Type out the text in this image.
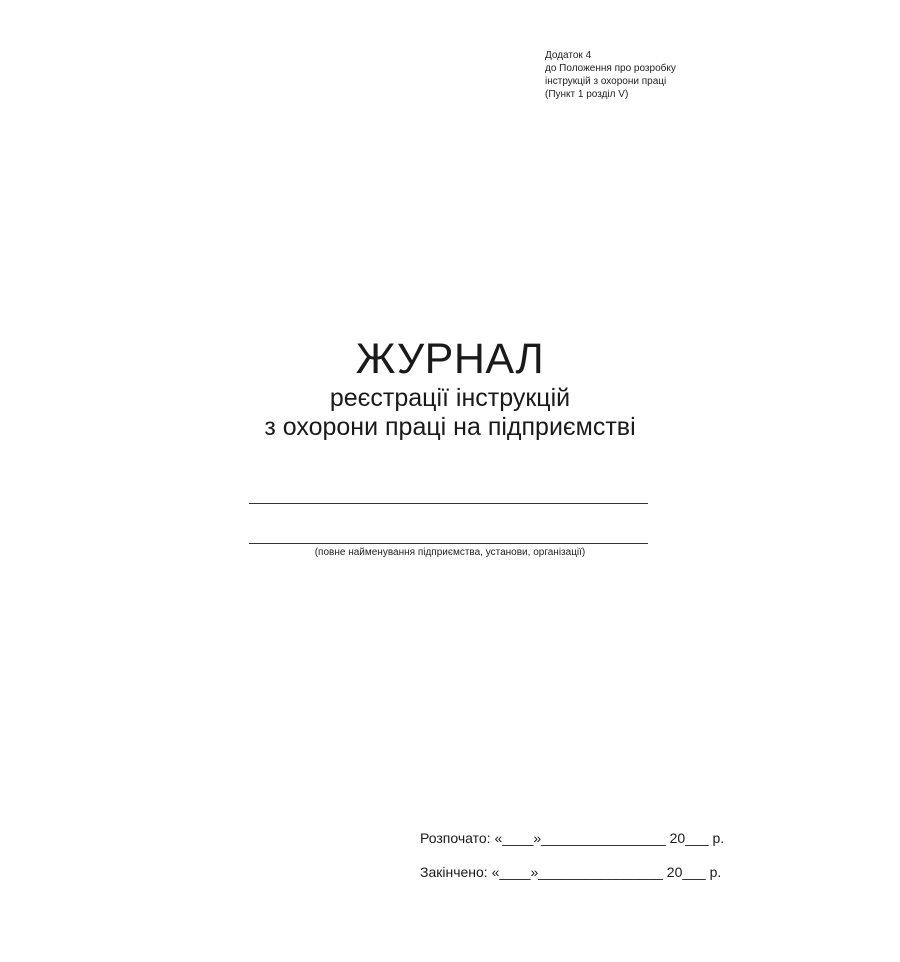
Додаток 4
до Положення про розробку
інструкцій з охорони праці
(Пункт 1 розділ V)
ЖУРНАЛ
реєстрації інструкцій
з охорони праці на підприємстві
(повне найменування підприємства, установи, організації)
Розпочато: «____»________________ 20___ р.
Закінчено: «____»________________ 20___ р.
